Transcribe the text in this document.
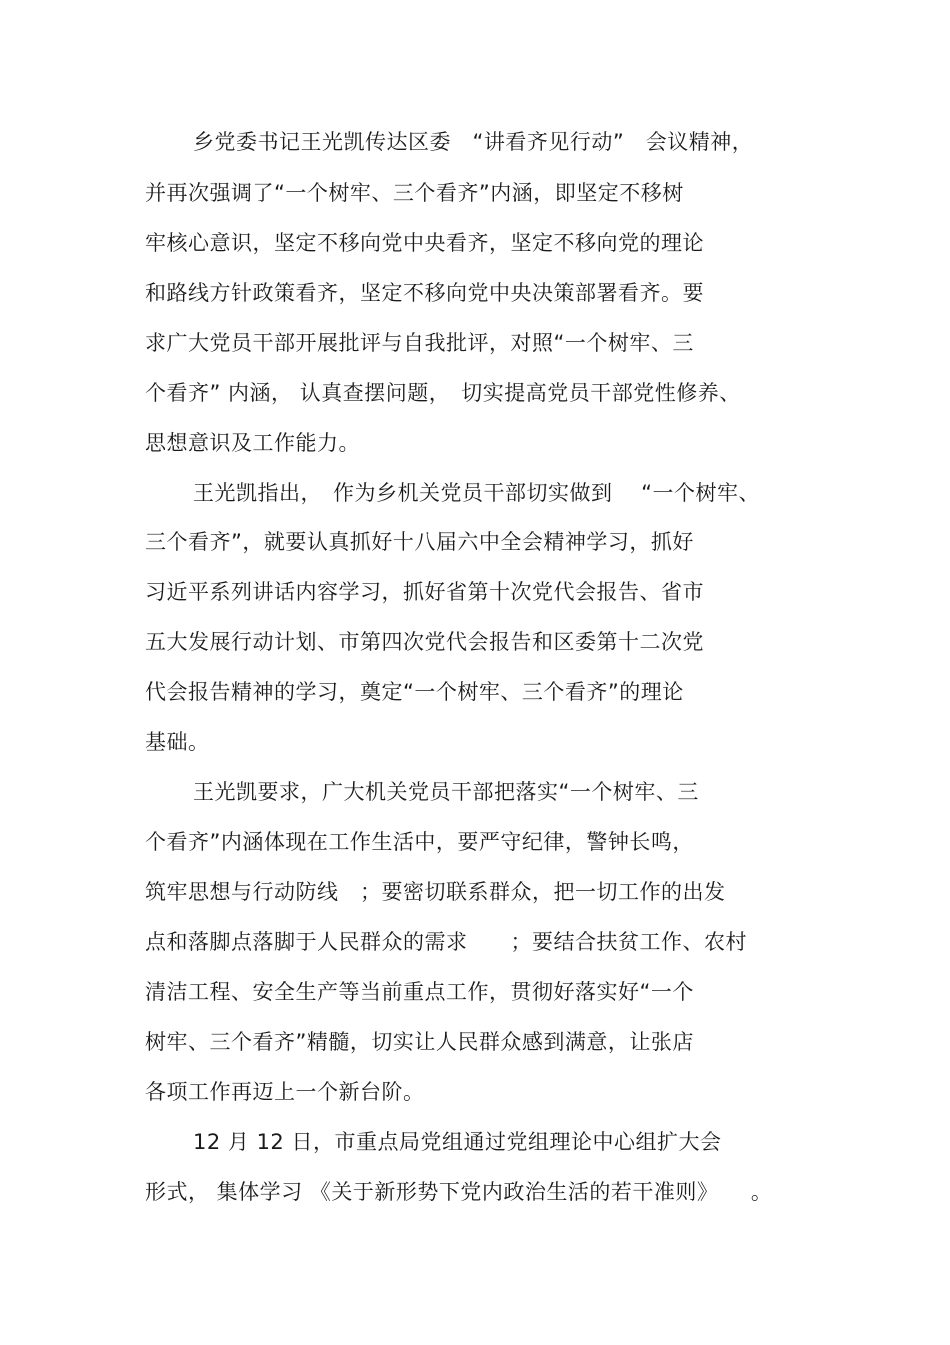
乡党委书记王光凯传达区委　“讲看齐见行动”　会议精神，
并再次强调了“一个树牢、三个看齐”内涵，即坚定不移树
牢核心意识，坚定不移向党中央看齐，坚定不移向党的理论
和路线方针政策看齐，坚定不移向党中央决策部署看齐。要
求广大党员干部开展批评与自我批评，对照“一个树牢、三
个看齐” 内涵， 认真查摆问题，　切实提高党员干部党性修养、
思想意识及工作能力。
王光凯指出，　作为乡机关党员干部切实做到　 “一个树牢、
三个看齐”，就要认真抓好十八届六中全会精神学习，抓好
习近平系列讲话内容学习，抓好省第十次党代会报告、省市
五大发展行动计划、市第四次党代会报告和区委第十二次党
代会报告精神的学习，奠定“一个树牢、三个看齐”的理论
基础。
王光凯要求，广大机关党员干部把落实“一个树牢、三
个看齐”内涵体现在工作生活中，要严守纪律，警钟长鸣，
筑牢思想与行动防线　；要密切联系群众，把一切工作的出发
点和落脚点落脚于人民群众的需求　　；要结合扶贫工作、农村
清洁工程、安全生产等当前重点工作，贯彻好落实好“一个
树牢、三个看齐”精髓，切实让人民群众感到满意，让张店
各项工作再迈上一个新台阶。
12 月 12 日，市重点局党组通过党组理论中心组扩大会
形式， 集体学习 《关于新形势下党内政治生活的若干准则》　　。
